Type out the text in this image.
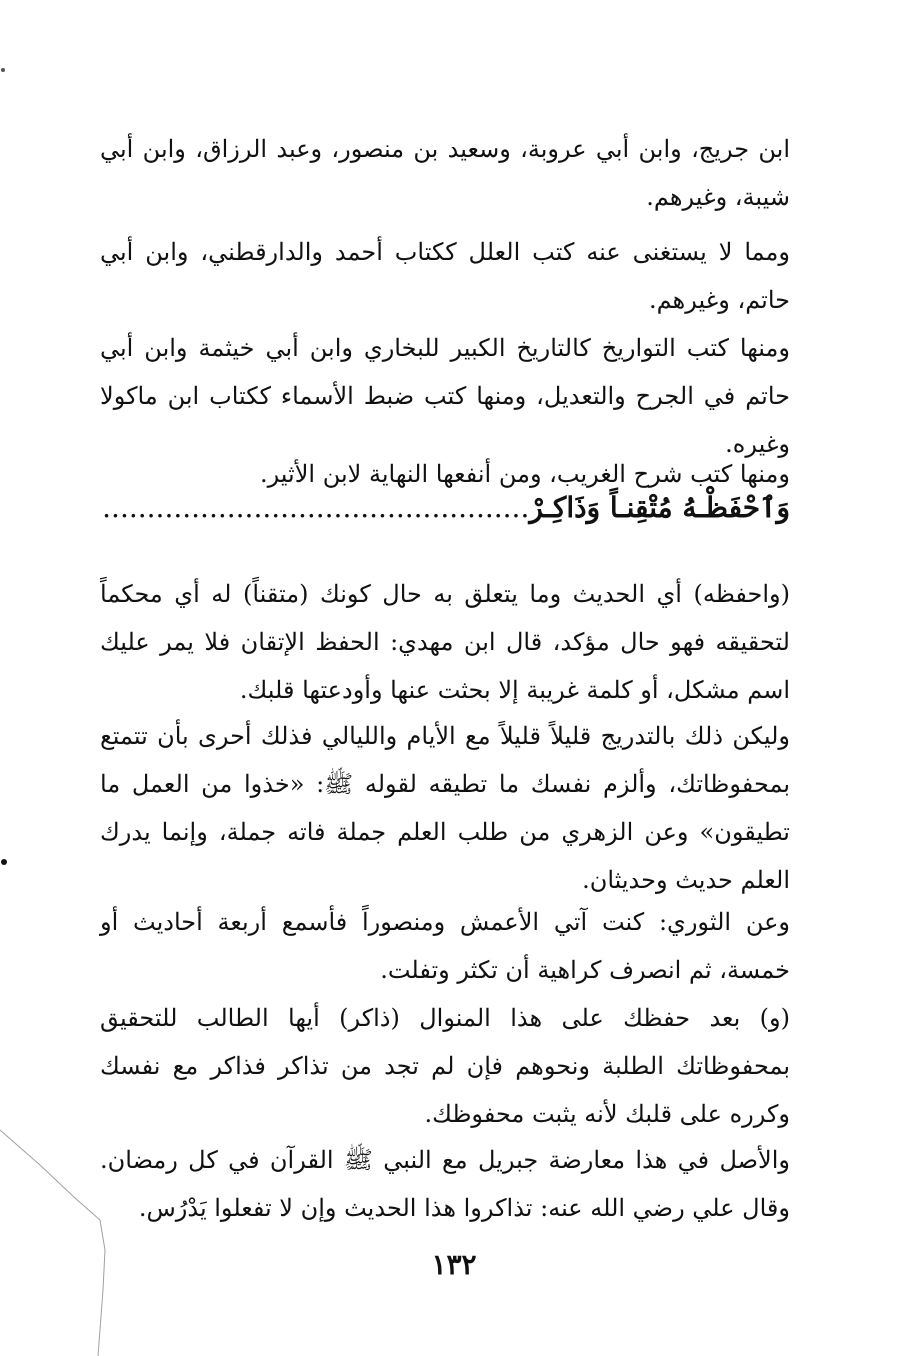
ابن جريج، وابن أبي عروبة، وسعيد بن منصور، وعبد الرزاق، وابن أبي شيبة، وغيرهم.

ومما لا يستغنى عنه كتب العلل ككتاب أحمد والدارقطني، وابن أبي حاتم، وغيرهم.

ومنها كتب التواريخ كالتاريخ الكبير للبخاري وابن أبي خيثمة وابن أبي حاتم في الجرح والتعديل، ومنها كتب ضبط الأسماء ككتاب ابن ماكولا وغيره.

ومنها كتب شرح الغريب، ومن أنفعها النهاية لابن الأثير.

وَٱحْفَظْـهُ مُتْقِنـاً وَذَاكِـرْ................................................

(واحفظه) أي الحديث وما يتعلق به حال كونك (متقناً) له أي محكماً لتحقيقه فهو حال مؤكد، قال ابن مهدي: الحفظ الإتقان فلا يمر عليك اسم مشكل، أو كلمة غريبة إلا بحثت عنها وأودعتها قلبك.

وليكن ذلك بالتدريج قليلاً قليلاً مع الأيام والليالي فذلك أحرى بأن تتمتع بمحفوظاتك، وألزم نفسك ما تطيقه لقوله ﷺ: «خذوا من العمل ما تطيقون» وعن الزهري من طلب العلم جملة فاته جملة، وإنما يدرك العلم حديث وحديثان.

وعن الثوري: كنت آتي الأعمش ومنصوراً فأسمع أربعة أحاديث أو خمسة، ثم انصرف كراهية أن تكثر وتفلت.

(و) بعد حفظك على هذا المنوال (ذاكر) أيها الطالب للتحقيق بمحفوظاتك الطلبة ونحوهم فإن لم تجد من تذاكر فذاكر مع نفسك وكرره على قلبك لأنه يثبت محفوظك.

والأصل في هذا معارضة جبريل مع النبي ﷺ القرآن في كل رمضان. وقال علي رضي الله عنه: تذاكروا هذا الحديث وإن لا تفعلوا يَدْرُس.

١٣٢
